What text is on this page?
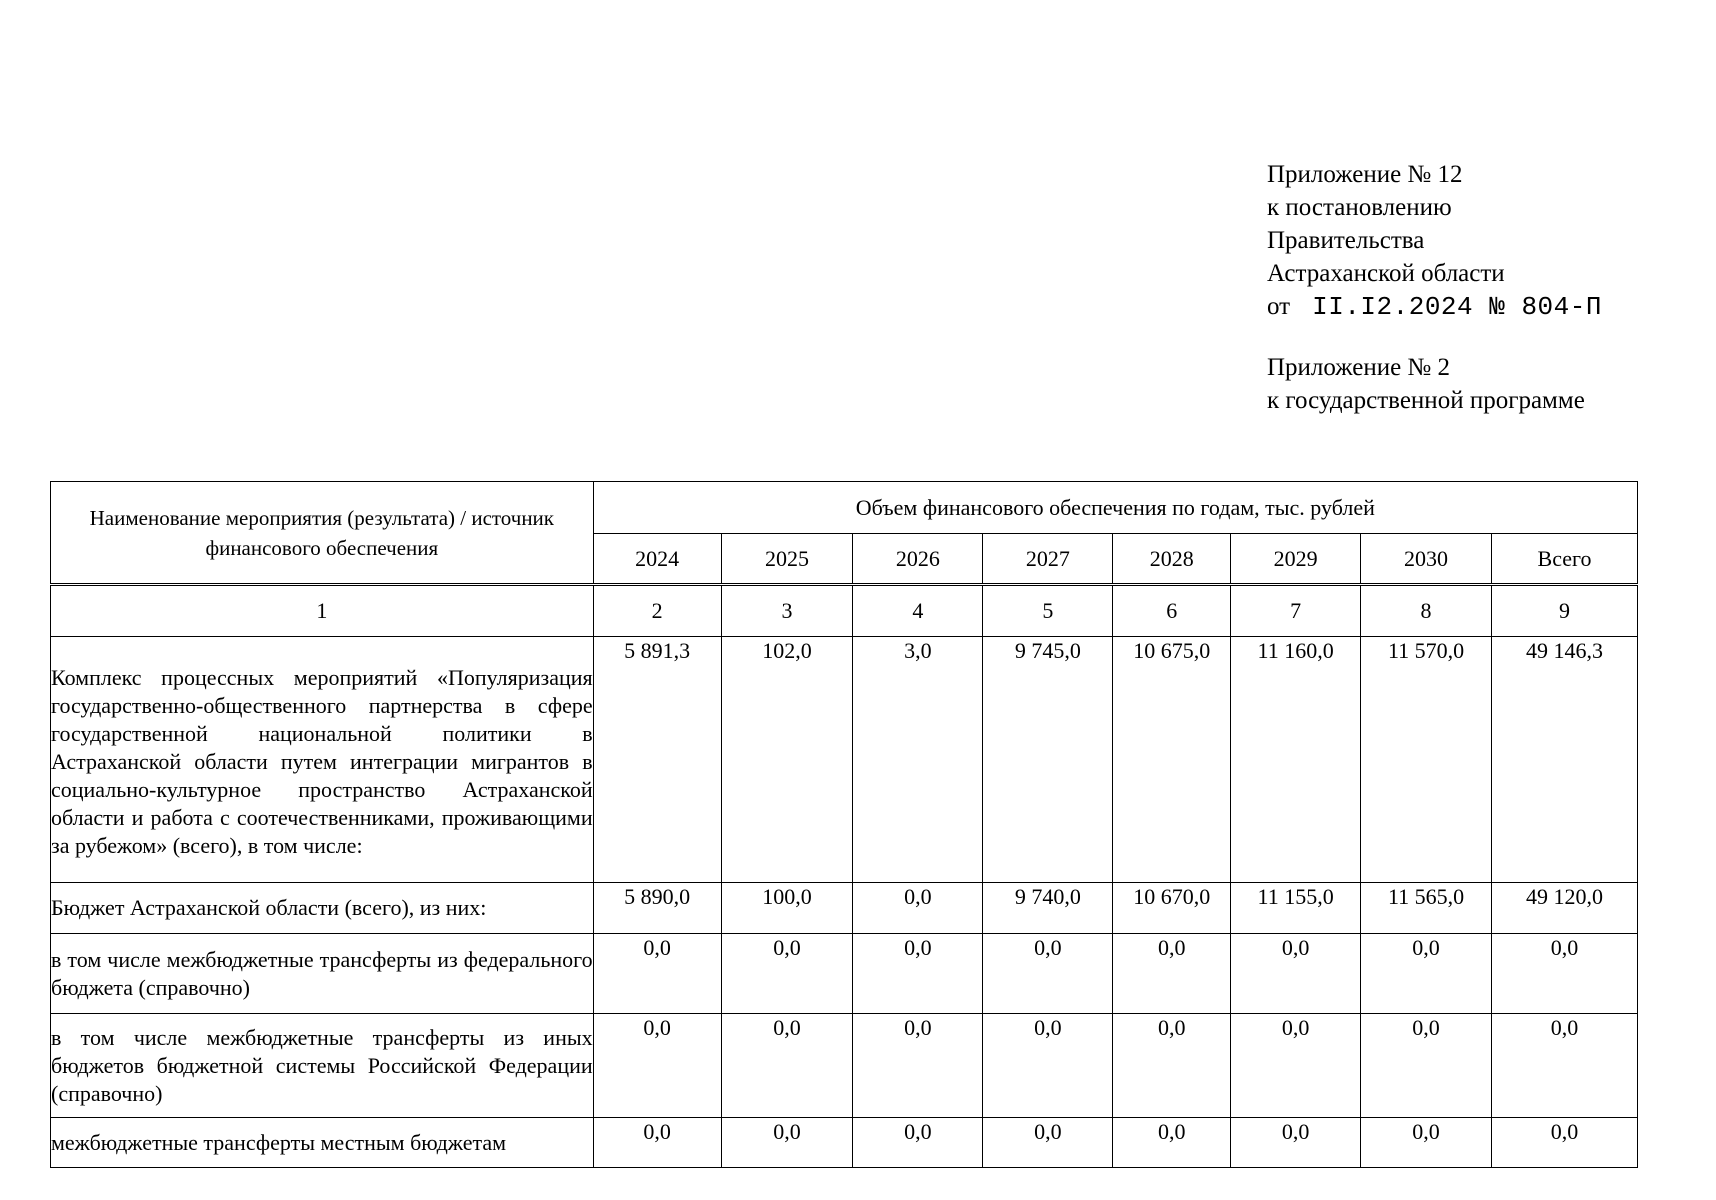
Приложение № 12
к постановлению
Правительства
Астраханской области
от II.I2.2024 № 804-П
Приложение № 2
к государственной программе
Наименование мероприятия (результата) / источник финансового обеспечения	Объем финансового обеспечения по годам, тыс. рублей							
	2024	2025	2026	2027	2028	2029	2030	Всего
1	2	3	4	5	6	7	8	9
Комплекс процессных мероприятий «Популяризация государственно-общественного партнерства в сфере государственной национальной политики в Астраханской области путем интеграции мигрантов в социально-культурное пространство Астраханской области и работа с соотечественниками, проживающими за рубежом» (всего), в том числе:	5 891,3	102,0	3,0	9 745,0	10 675,0	11 160,0	11 570,0	49 146,3
Бюджет Астраханской области (всего), из них:	5 890,0	100,0	0,0	9 740,0	10 670,0	11 155,0	11 565,0	49 120,0
в том числе межбюджетные трансферты из федерального бюджета (справочно)	0,0	0,0	0,0	0,0	0,0	0,0	0,0	0,0
в том числе межбюджетные трансферты из иных бюджетов бюджетной системы Российской Федерации (справочно)	0,0	0,0	0,0	0,0	0,0	0,0	0,0	0,0
межбюджетные трансферты местным бюджетам	0,0	0,0	0,0	0,0	0,0	0,0	0,0	0,0
